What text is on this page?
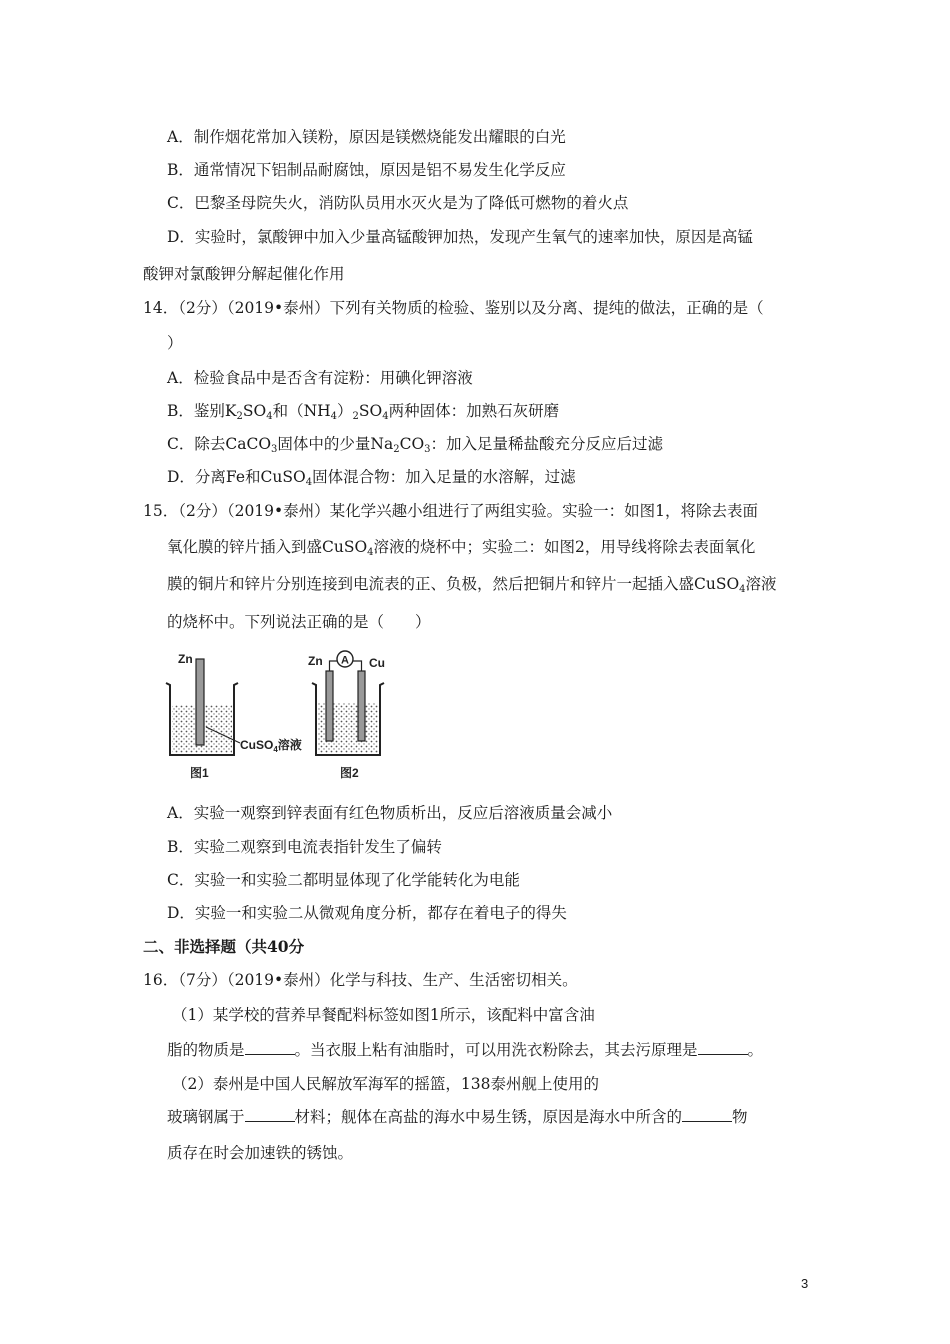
A．制作烟花常加入镁粉，原因是镁燃烧能发出耀眼的白光
B．通常情况下铝制品耐腐蚀，原因是铝不易发生化学反应
C．巴黎圣母院失火，消防队员用水灭火是为了降低可燃物的着火点
D．实验时，氯酸钾中加入少量高锰酸钾加热，发现产生氧气的速率加快，原因是高锰
酸钾对氯酸钾分解起催化作用
14．（2分）（2019•泰州）下列有关物质的检验、鉴别以及分离、提纯的做法，正确的是（
）
A．检验食品中是否含有淀粉：用碘化钾溶液
B．鉴别$K_2SO_4$和$(NH_4)_2SO_4$两种固体：加熟石灰研磨
C．除去CaCO$_3$固体中的少量$Na_2CO_3$：加入足量稀盐酸充分反应后过滤
D．分离Fe和CuSO$_4$固体混合物：加入足量的水溶解，过滤
15．（2分）（2019•泰州）某化学兴趣小组进行了两组实验。实验一：如图1，将除去表面
氧化膜的锌片插入到盛CuSO$_4$溶液的烧杯中；实验二：如图2，用导线将除去表面氧化
膜的铜片和锌片分别连接到电流表的正、负极，然后把铜片和锌片一起插入盛CuSO$_4$溶液
的烧杯中。下列说法正确的是（　　）
Zn
CuSO$_4$溶液
图1
A
Zn	Cu
图2
A．实验一观察到锌表面有红色物质析出，反应后溶液质量会减小
B．实验二观察到电流表指针发生了偏转
C．实验一和实验二都明显体现了化学能转化为电能
D．实验一和实验二从微观角度分析，都存在着电子的得失
二、非选择题（共40分
16．（7分）（2019•泰州）化学与科技、生产、生活密切相关。
（1）某学校的营养早餐配料标签如图1所示，该配料中富含油
脂的物质是	。当衣服上粘有油脂时，可以用洗衣粉除去，其去污原理是	。
（2）泰州是中国人民解放军海军的摇篮，138泰州舰上使用的
玻璃钢属于	材料；舰体在高盐的海水中易生锈，原因是海水中所含的	物
质存在时会加速铁的锈蚀。
3
